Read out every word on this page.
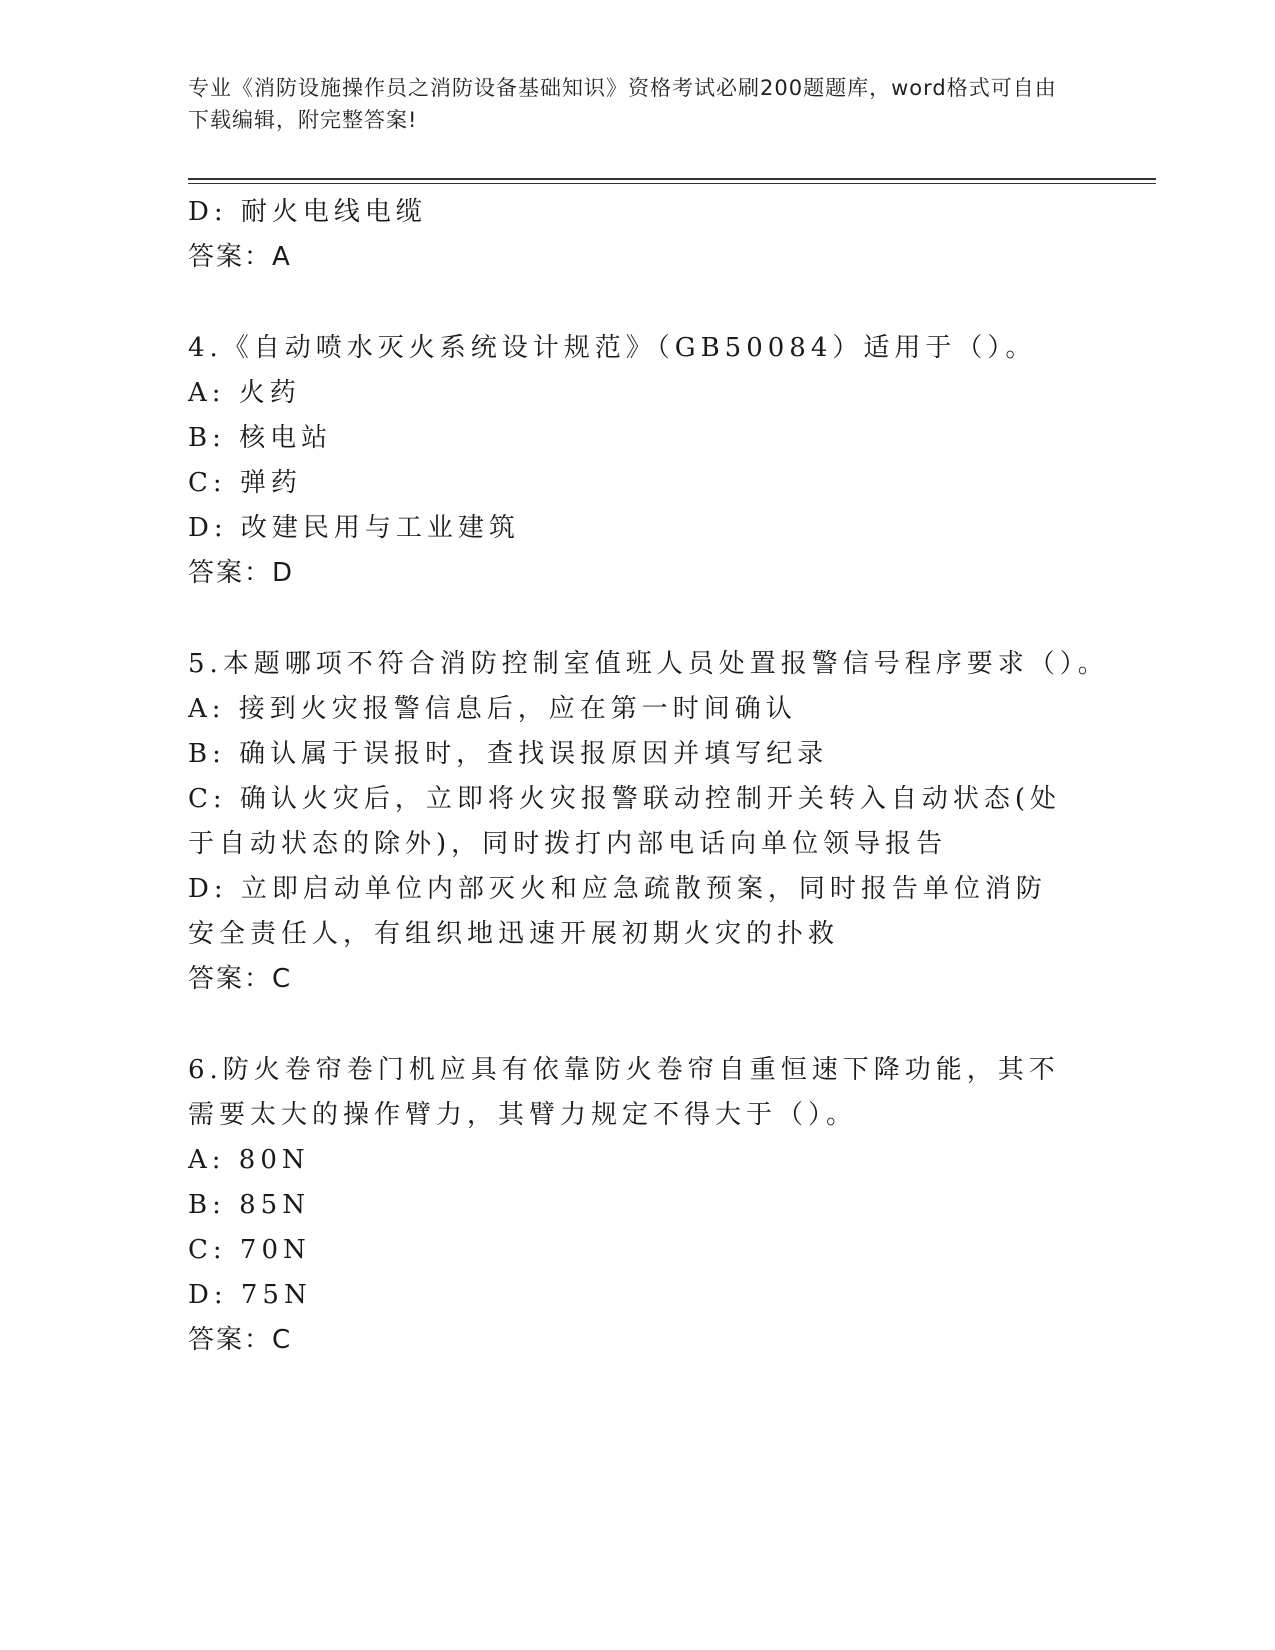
专业《消防设施操作员之消防设备基础知识》资格考试必刷200题题库，word格式可自由下载编辑，附完整答案!
D: 耐火电线电缆
答案：A
4.《自动喷水灭火系统设计规范》（GB50084）适用于（）。
A: 火药
B: 核电站
C: 弹药
D: 改建民用与工业建筑
答案：D
5.本题哪项不符合消防控制室值班人员处置报警信号程序要求（）。
A: 接到火灾报警信息后，应在第一时间确认
B: 确认属于误报时，查找误报原因并填写纪录
C: 确认火灾后，立即将火灾报警联动控制开关转入自动状态(处于自动状态的除外)，同时拨打内部电话向单位领导报告
D: 立即启动单位内部灭火和应急疏散预案，同时报告单位消防安全责任人，有组织地迅速开展初期火灾的扑救
答案：C
6.防火卷帘卷门机应具有依靠防火卷帘自重恒速下降功能，其不需要太大的操作臂力，其臂力规定不得大于（）。
A: 80N
B: 85N
C: 70N
D: 75N
答案：C
